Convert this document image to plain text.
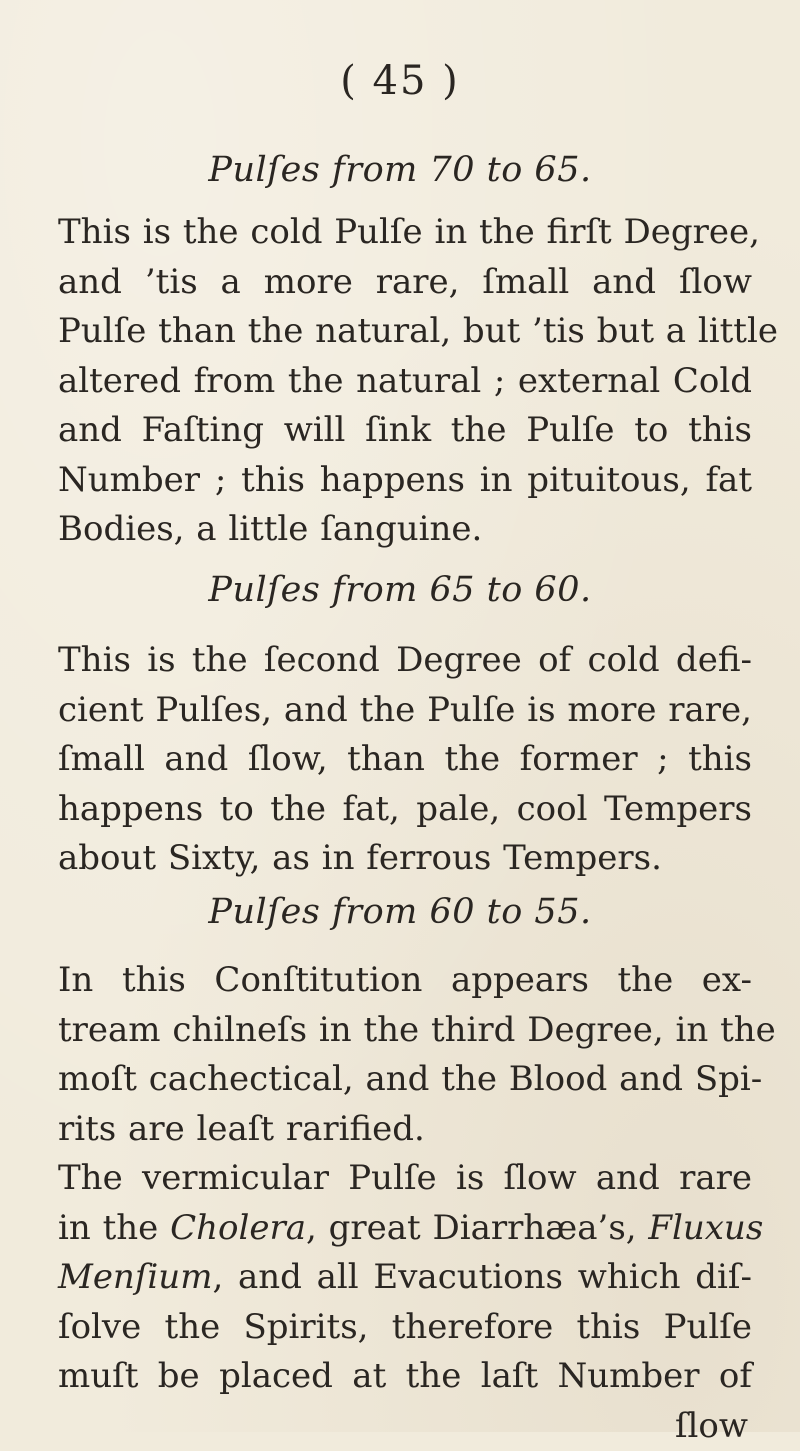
( 45 )
Pulſes from 70 to 65.
This is the cold Pulſe in the firſt Degree,
and ’tis a more rare, ſmall and ſlow
Pulſe than the natural, but ’tis but a little
altered from the natural ; external Cold
and Faſting will ſink the Pulſe to this
Number ; this happens in pituitous, fat
Bodies, a little ſanguine.
Pulſes from 65 to 60.
This is the ſecond Degree of cold defi-
cient Pulſes, and the Pulſe is more rare,
ſmall and ſlow, than the former ; this
happens to the fat, pale, cool Tempers
about Sixty, as in ferrous Tempers.
Pulſes from 60 to 55.
In this Conſtitution appears the ex-
tream chilneſs in the third Degree, in the
moſt cachectical, and the Blood and Spi-
rits are leaſt rarified.
The vermicular Pulſe is ſlow and rare
in the Cholera, great Diarrhæa’s, Fluxus
Menſium, and all Evacutions which diſ-
ſolve the Spirits, therefore this Pulſe
muſt be placed at the laſt Number of
ſlow
